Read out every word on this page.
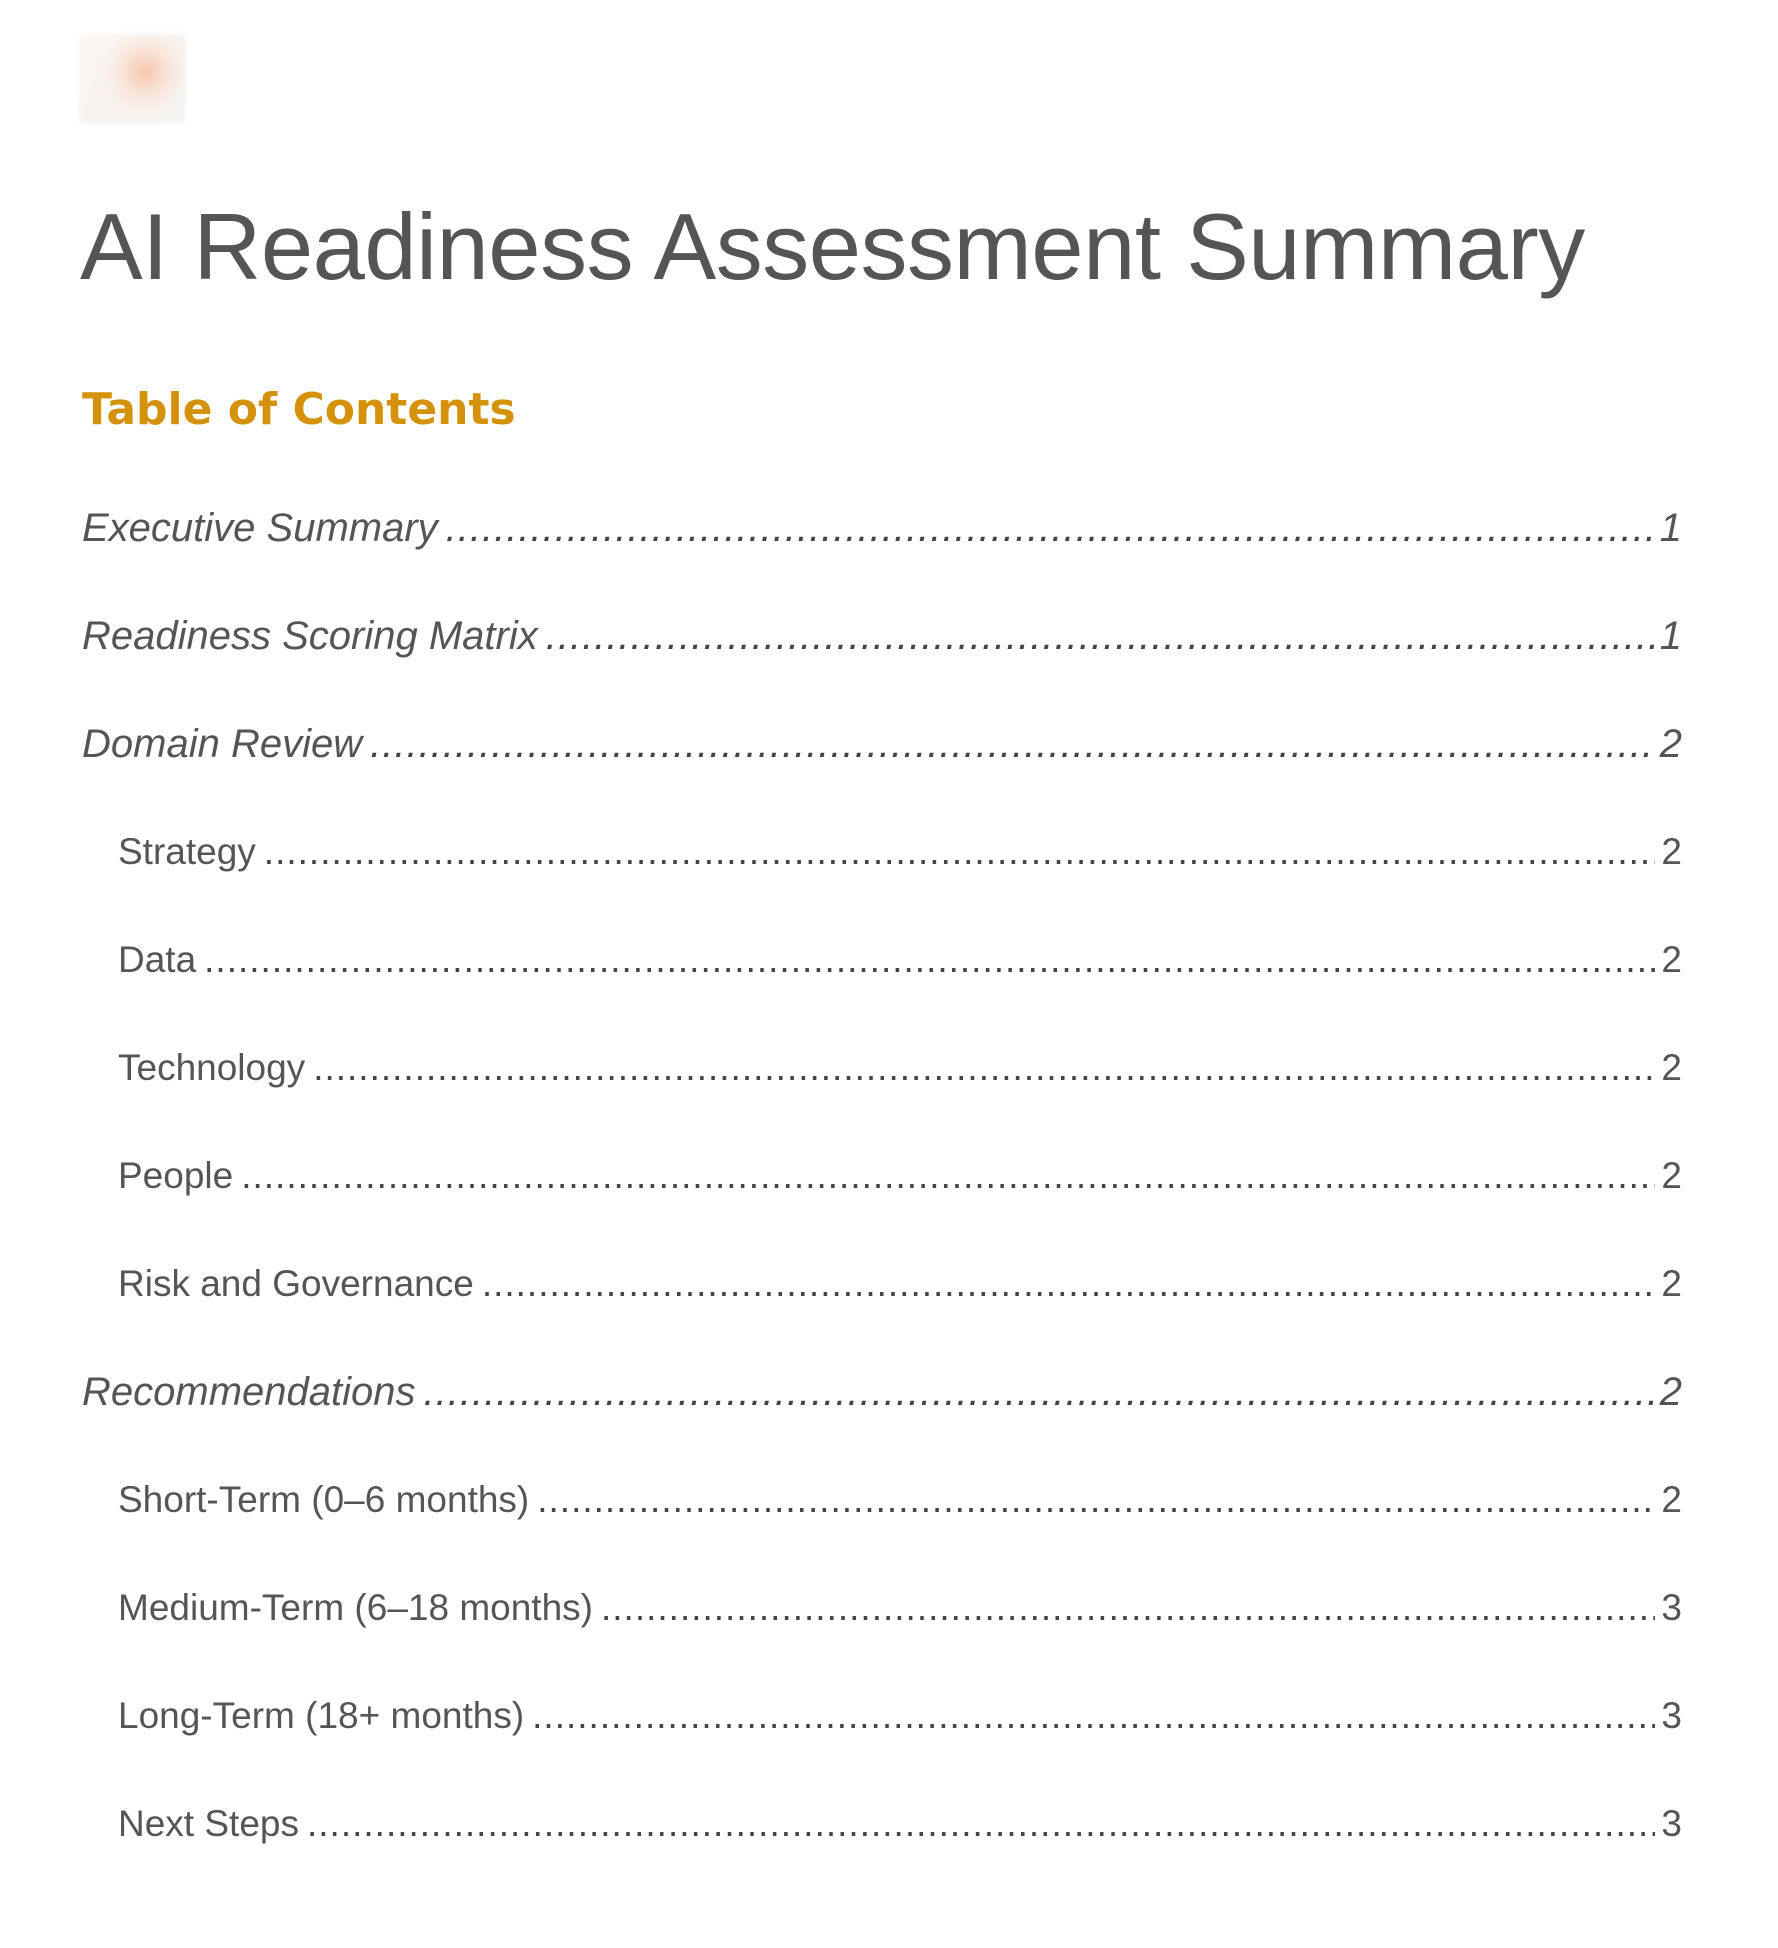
AI Readiness Assessment Summary
Table of Contents
Executive Summary .....	1
Readiness Scoring Matrix .....	1
Domain Review .....	2
Strategy .....	2
Data .....	2
Technology .....	2
People .....	2
Risk and Governance .....	2
Recommendations .....	2
Short-Term (0–6 months) .....	2
Medium-Term (6–18 months) .....	3
Long-Term (18+ months) .....	3
Next Steps .....	3
